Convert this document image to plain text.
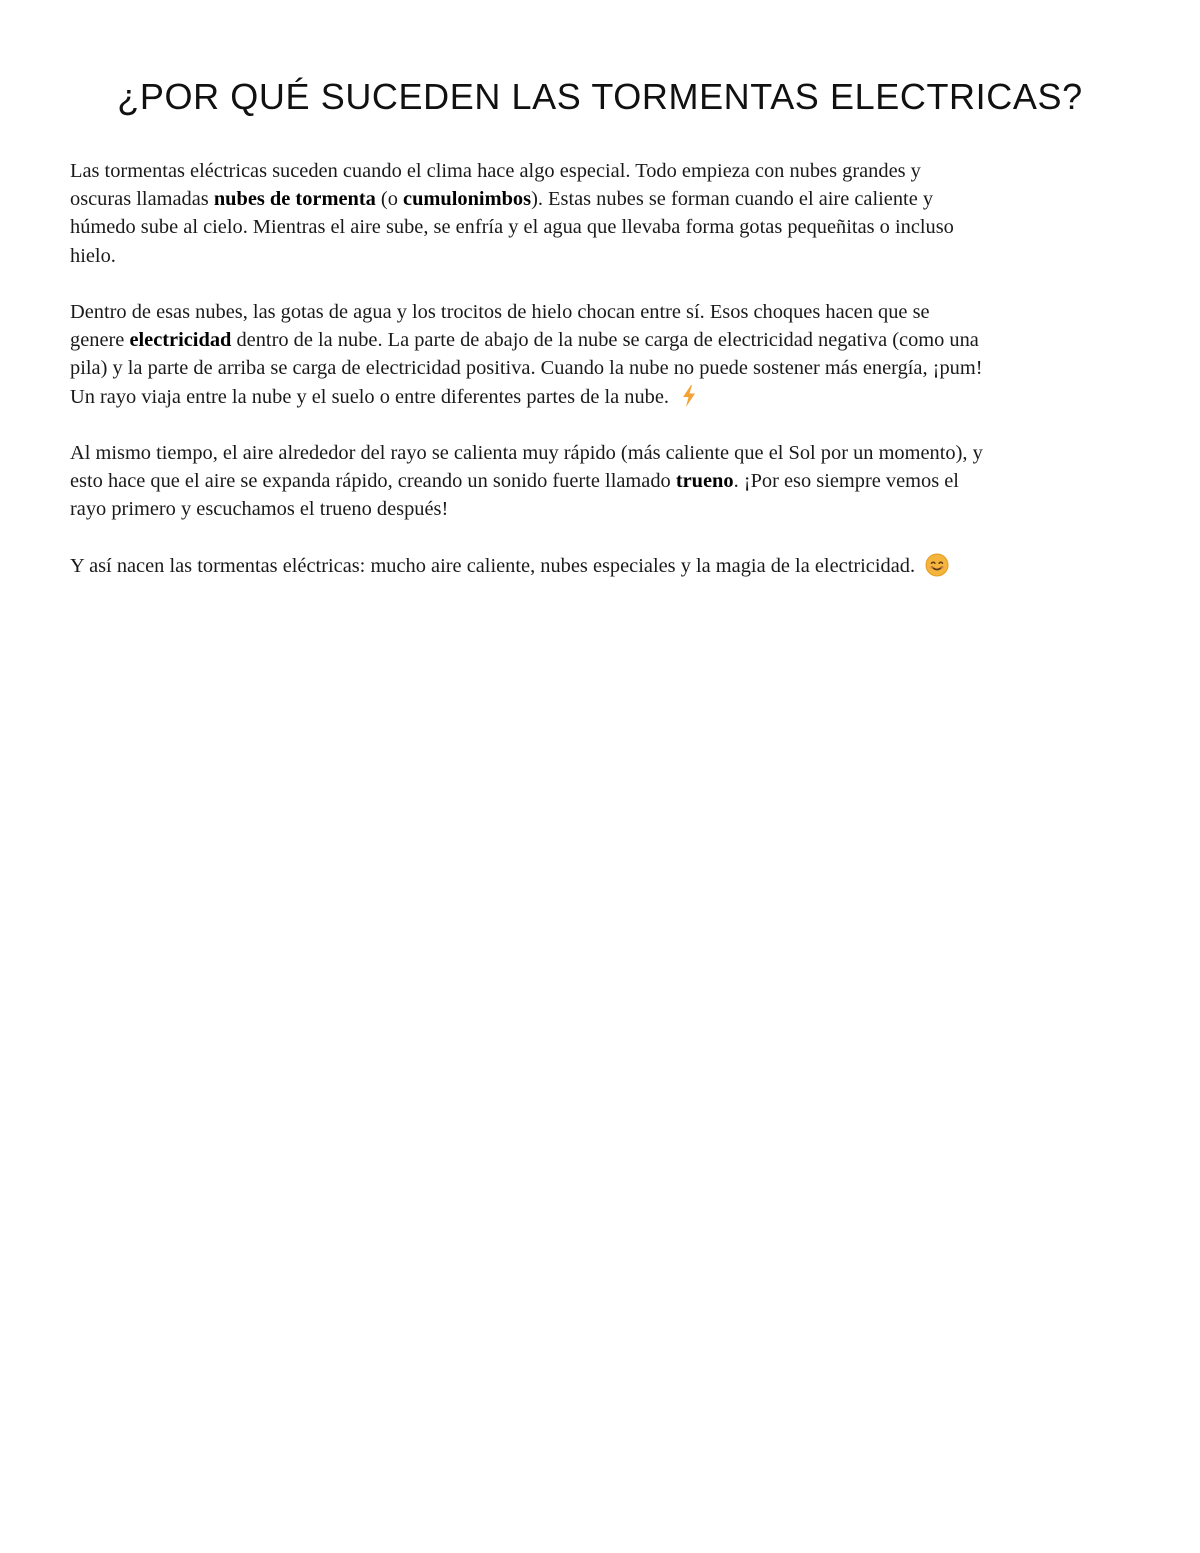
¿POR QUÉ SUCEDEN LAS TORMENTAS ELECTRICAS?

Las tormentas eléctricas suceden cuando el clima hace algo especial. Todo empieza con nubes grandes y
oscuras llamadas nubes de tormenta (o cumulonimbos). Estas nubes se forman cuando el aire caliente y
húmedo sube al cielo. Mientras el aire sube, se enfría y el agua que llevaba forma gotas pequeñitas o incluso
hielo.

Dentro de esas nubes, las gotas de agua y los trocitos de hielo chocan entre sí. Esos choques hacen que se
genere electricidad dentro de la nube. La parte de abajo de la nube se carga de electricidad negativa (como una
pila) y la parte de arriba se carga de electricidad positiva. Cuando la nube no puede sostener más energía, ¡pum!
Un rayo viaja entre la nube y el suelo o entre diferentes partes de la nube.

Al mismo tiempo, el aire alrededor del rayo se calienta muy rápido (más caliente que el Sol por un momento), y
esto hace que el aire se expanda rápido, creando un sonido fuerte llamado trueno. ¡Por eso siempre vemos el
rayo primero y escuchamos el trueno después!

Y así nacen las tormentas eléctricas: mucho aire caliente, nubes especiales y la magia de la electricidad.
